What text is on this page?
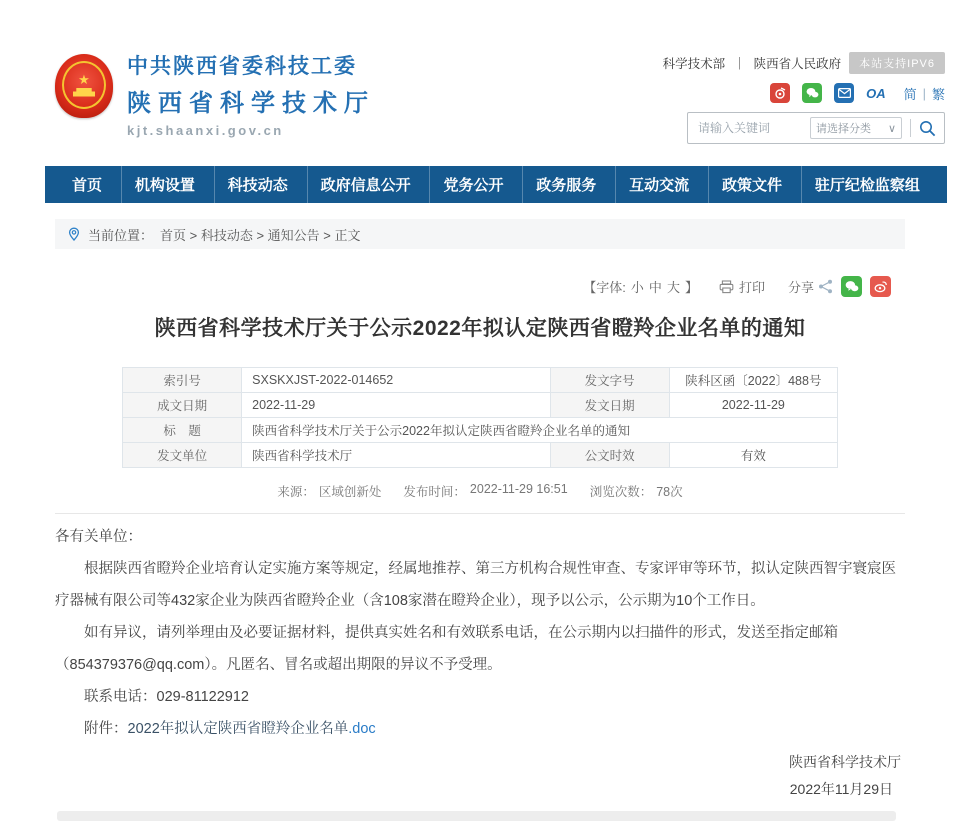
★
中共陕西省委科技工委
陕西省科学技术厅
kjt.shaanxi.gov.cn
科学技术部 ｜ 陕西省人民政府	本站支持IPV6
OA 简 | 繁
请输入关键词
请选择分类 ∨
首页	机构设置	科技动态	政府信息公开	党务公开	政务服务	互动交流	政策文件	驻厅纪检监察组
当前位置： 首页 > 科技动态 > 通知公告 > 正文
【字体: 小 中 大 】	打印 分享
陕西省科学技术厅关于公示2022年拟认定陕西省瞪羚企业名单的通知
索引号	SXSKXJST-2022-014652	发文字号	陕科区函〔2022〕488号
成文日期	2022-11-29	发文日期	2022-11-29
标　题	陕西省科学技术厅关于公示2022年拟认定陕西省瞪羚企业名单的通知		
发文单位	陕西省科学技术厅	公文时效	有效
来源： 区域创新处 发布时间： 2022-11-29 16:51 浏览次数： 78次

各有关单位：

根据陕西省瞪羚企业培育认定实施方案等规定，经属地推荐、第三方机构合规性审查、专家评审等环节，拟认定陕西智宇寰宸医疗器械有限公司等432家企业为陕西省瞪羚企业（含108家潜在瞪羚企业），现予以公示，公示期为10个工作日。

如有异议，请列举理由及必要证据材料，提供真实姓名和有效联系电话，在公示期内以扫描件的形式，发送至指定邮箱（854379376@qq.com）。凡匿名、冒名或超出期限的异议不予受理。

联系电话：029-81122912

附件：2022年拟认定陕西省瞪羚企业名单.doc

陕西省科学技术厅
2022年11月29日
